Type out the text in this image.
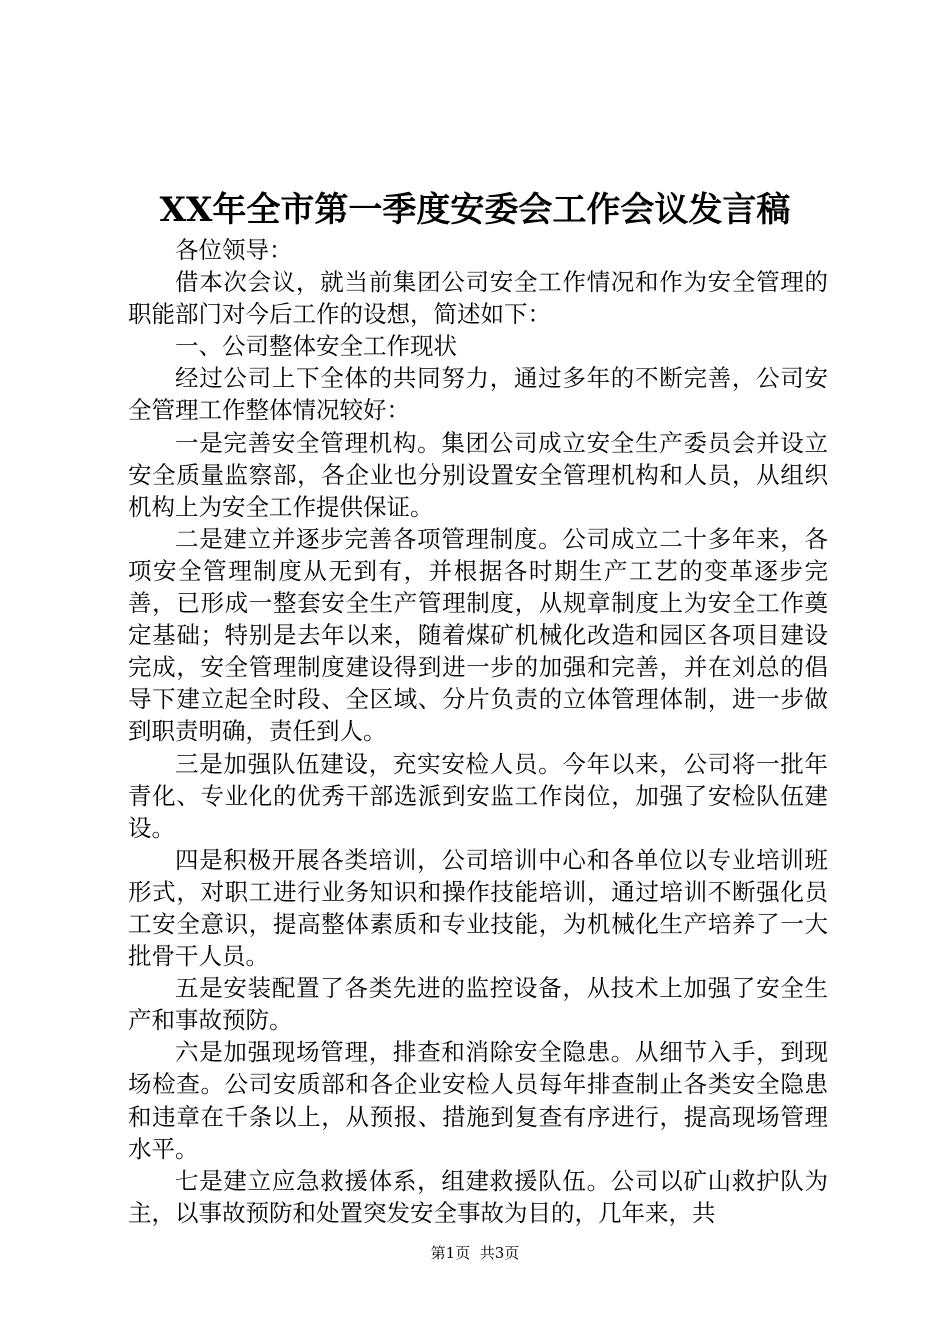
XX年全市第一季度安委会工作会议发言稿

各位领导：

借本次会议，就当前集团公司安全工作情况和作为安全管理的职能部门对今后工作的设想，简述如下：

一、公司整体安全工作现状

经过公司上下全体的共同努力，通过多年的不断完善，公司安全管理工作整体情况较好：

一是完善安全管理机构。集团公司成立安全生产委员会并设立安全质量监察部，各企业也分别设置安全管理机构和人员，从组织机构上为安全工作提供保证。

二是建立并逐步完善各项管理制度。公司成立二十多年来，各项安全管理制度从无到有，并根据各时期生产工艺的变革逐步完善，已形成一整套安全生产管理制度，从规章制度上为安全工作奠定基础；特别是去年以来，随着煤矿机械化改造和园区各项目建设完成，安全管理制度建设得到进一步的加强和完善，并在刘总的倡导下建立起全时段、全区域、分片负责的立体管理体制，进一步做到职责明确，责任到人。

三是加强队伍建设，充实安检人员。今年以来，公司将一批年青化、专业化的优秀干部选派到安监工作岗位，加强了安检队伍建设。

四是积极开展各类培训，公司培训中心和各单位以专业培训班形式，对职工进行业务知识和操作技能培训，通过培训不断强化员工安全意识，提高整体素质和专业技能，为机械化生产培养了一大批骨干人员。

五是安装配置了各类先进的监控设备，从技术上加强了安全生产和事故预防。

六是加强现场管理，排查和消除安全隐患。从细节入手，到现场检查。公司安质部和各企业安检人员每年排查制止各类安全隐患和违章在千条以上，从预报、措施到复查有序进行，提高现场管理水平。

七是建立应急救援体系，组建救援队伍。公司以矿山救护队为主，以事故预防和处置突发安全事故为目的，几年来，共

第1页 共3页
